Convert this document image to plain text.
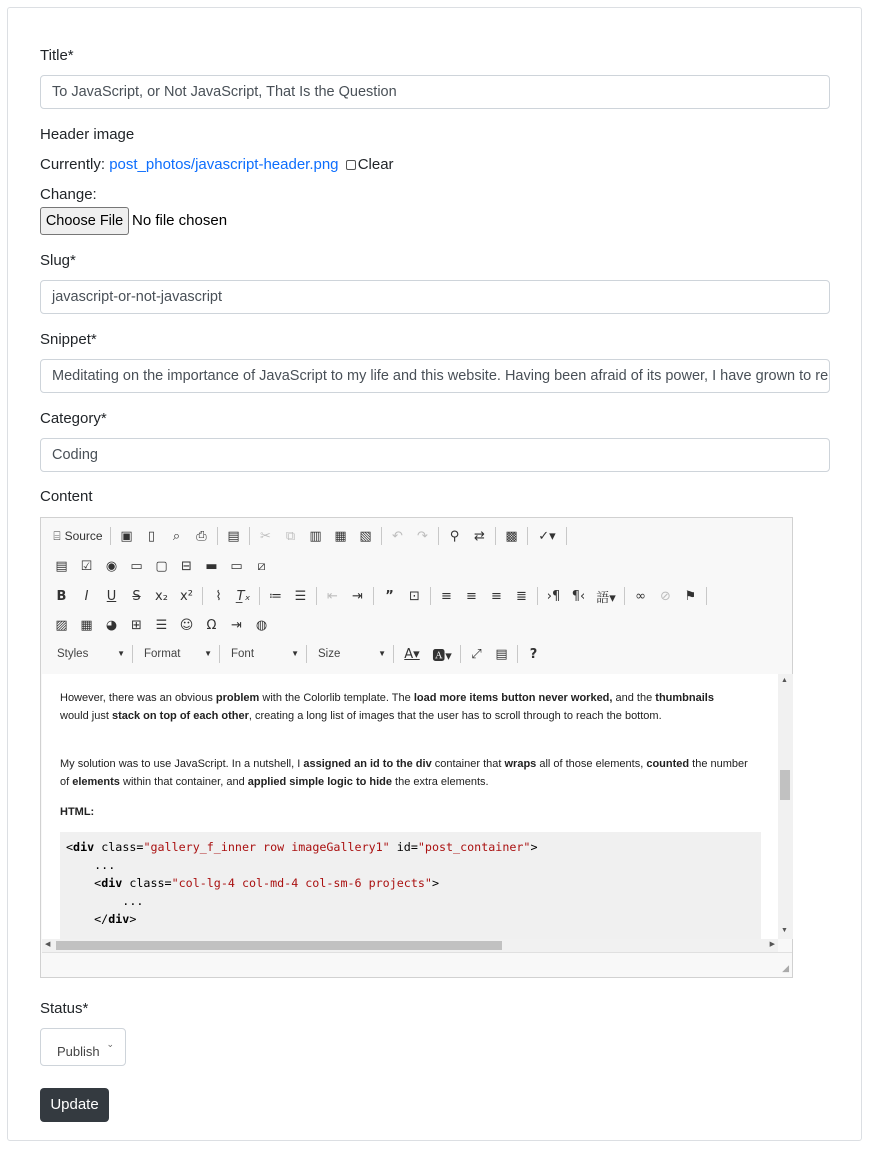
Title*
To JavaScript, or Not JavaScript, That Is the Question
Header image
Currently: post_photos/javascript-header.png Clear
Change:
Choose File No file chosen
Slug*
javascript-or-not-javascript
Snippet*
Meditating on the importance of JavaScript to my life and this website. Having been afraid of its power, I have grown to re
Category*
Coding
Content
⌸ Source	▣	▯	⌕	⎙	▤	✂	⧉	▥ ▦ ▧	↶	↷	⚲	⇄	▩	✓▾
▤	☑	◉	▭ ▢	⊟	▬ ▭	⧄
B	I	U	S	x₂ x²	⌇	T̲ₓ	≔ ☰	⇤	⇥	”	⊡	≡	≡	≡	≣	›¶ ¶‹ 語▾	∞	⊘	⚑
▨ ▦	◕	⊞	☰ ☺	Ω	⇥	◍
Styles	▼	Format	▼	Font	▼	Size	▼	A▾ 🅰▾	⤢	▤	?

However, there was an obvious problem with the Colorlib template. The load more items button never worked, and the thumbnails would just stack on top of each other, creating a long list of images that the user has to scroll through to reach the bottom.

My solution was to use JavaScript. In a nutshell, I assigned an id to the div container that wraps all of those elements, counted the number of elements within that container, and applied simple logic to hide the extra elements.

HTML:

<div class="gallery_f_inner row imageGallery1" id="post_container">
...
<div class="col-lg-4 col-md-4 col-sm-6 projects">
...
</div>
▲
▼
◀	▶
◢
Status*
Publish ⌄
Update
